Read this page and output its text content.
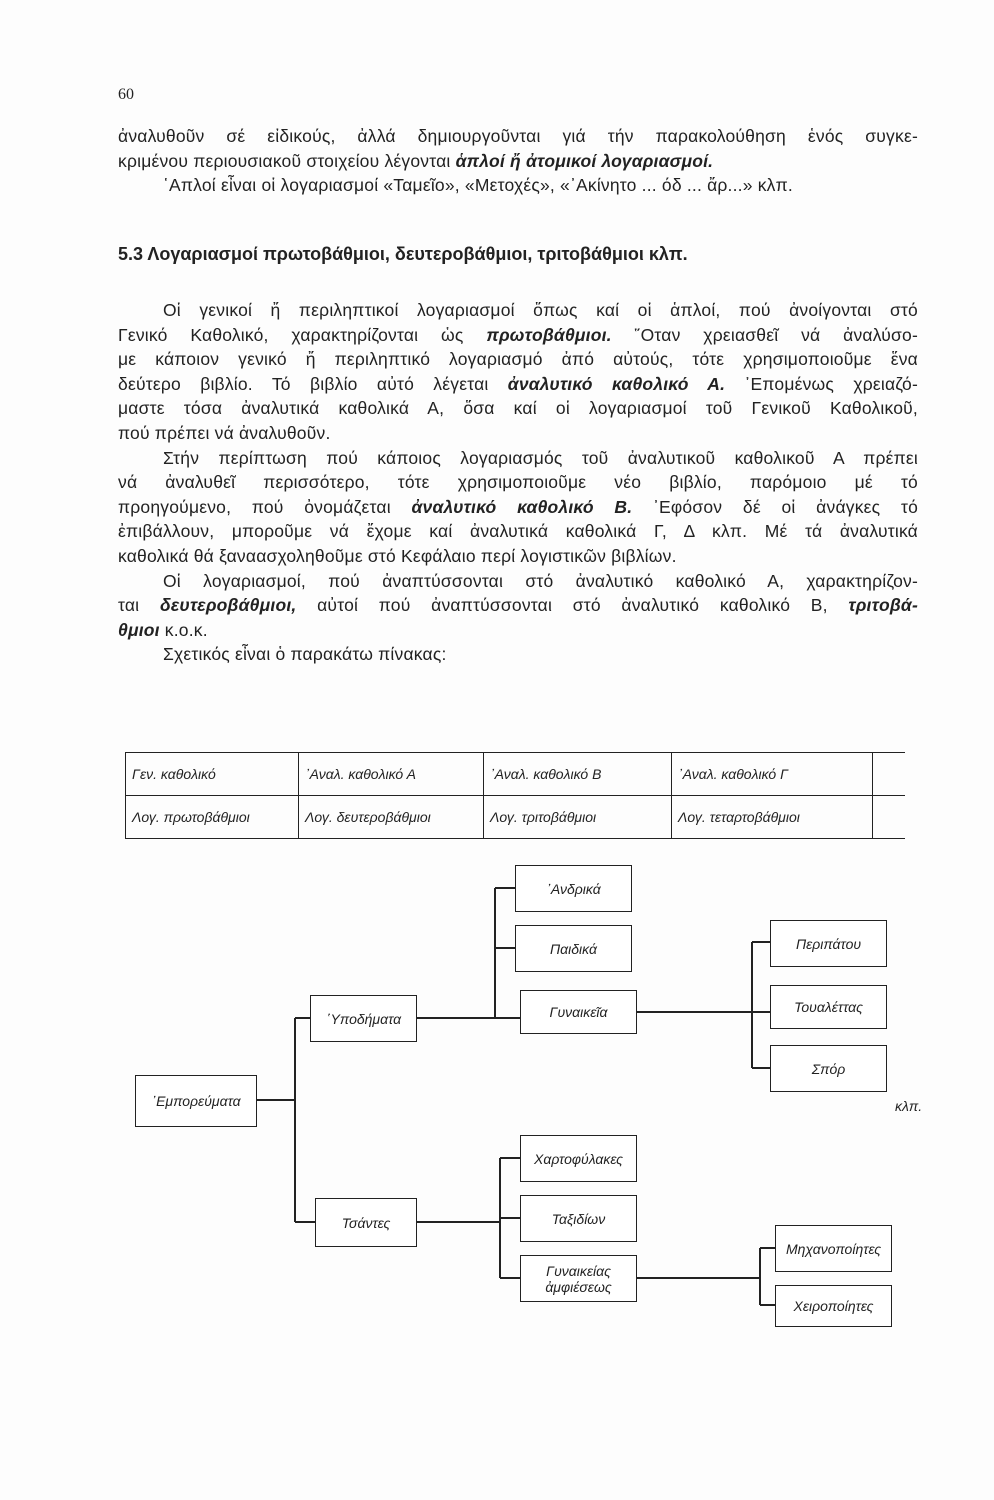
60

ἀναλυθοῦν σέ εἰδικούς, ἀλλά δημιουργοῦνται γιά τήν παρακολούθηση ἑνός συγκε-

κριμένου περιουσιακοῦ στοιχείου λέγονται ἁπλοί ἤ ἀτομικοί λογαριασμοί.

῾Απλοί εἶναι οἱ λογαριασμοί «Ταμεῖο», «Μετοχές», «᾿Ακίνητο ... όδ ... ἄρ...» κλπ.

5.3 Λογαριασμοί πρωτοβάθμιοι, δευτεροβάθμιοι, τριτοβάθμιοι κλπ.

Οἱ γενικοί ἤ περιληπτικοί λογαριασμοί ὅπως καί οἱ ἁπλοί, πού ἀνοίγονται στό

Γενικό Καθολικό, χαρακτηρίζονται ὡς πρωτοβάθμιοι. ῞Οταν χρειασθεῖ νά ἀναλύσο-

με κάποιον γενικό ἤ περιληπτικό λογαριασμό ἀπό αὐτούς, τότε χρησιμοποιοῦμε ἕνα

δεύτερο βιβλίο. Τό βιβλίο αὐτό λέγεται ἀναλυτικό καθολικό Α. ᾿Επομένως χρειαζό-

μαστε τόσα ἀναλυτικά καθολικά Α, ὅσα καί οἱ λογαριασμοί τοῦ Γενικοῦ Καθολικοῦ,

πού πρέπει νά ἀναλυθοῦν.

Στήν περίπτωση πού κάποιος λογαριασμός τοῦ ἀναλυτικοῦ καθολικοῦ Α πρέπει

νά ἀναλυθεῖ περισσότερο, τότε χρησιμοποιοῦμε νέο βιβλίο, παρόμοιο μέ τό

προηγούμενο, πού ὀνομάζεται ἀναλυτικό καθολικό Β. ᾿Εφόσον δέ οἱ ἀνάγκες τό

ἐπιβάλλουν, μποροῦμε νά ἔχομε καί ἀναλυτικά καθολικά Γ, Δ κλπ. Μέ τά ἀναλυτικά

καθολικά θά ξαναασχοληθοῦμε στό Κεφάλαιο περί λογιστικῶν βιβλίων.

Οἱ λογαριασμοί, πού ἀναπτύσσονται στό ἀναλυτικό καθολικό Α, χαρακτηρίζον-

ται δευτεροβάθμιοι, αὐτοί πού ἀναπτύσσονται στό ἀναλυτικό καθολικό Β, τριτοβά-

θμιοι κ.ο.κ.

Σχετικός εἶναι ὁ παρακάτω πίνακας:

Γεν. καθολικό	᾿Αναλ. καθολικό Α	᾿Αναλ. καθολικό Β	᾿Αναλ. καθολικό Γ	
Λογ. πρωτοβάθμιοι	Λογ. δευτεροβάθμιοι	Λογ. τριτοβάθμιοι	Λογ. τεταρτοβάθμιοι	
᾿Εμπορεύματα
῾Υποδήματα
Τσάντες
᾿Ανδρικά
Παιδικά
Γυναικεῖα
Περιπάτου
Τουαλέττας
Σπόρ
Χαρτοφύλακες
Ταξιδίων
Γυναικείας ἀμφιέσεως
Μηχανοποίητες
Χειροποίητες
κλπ.
